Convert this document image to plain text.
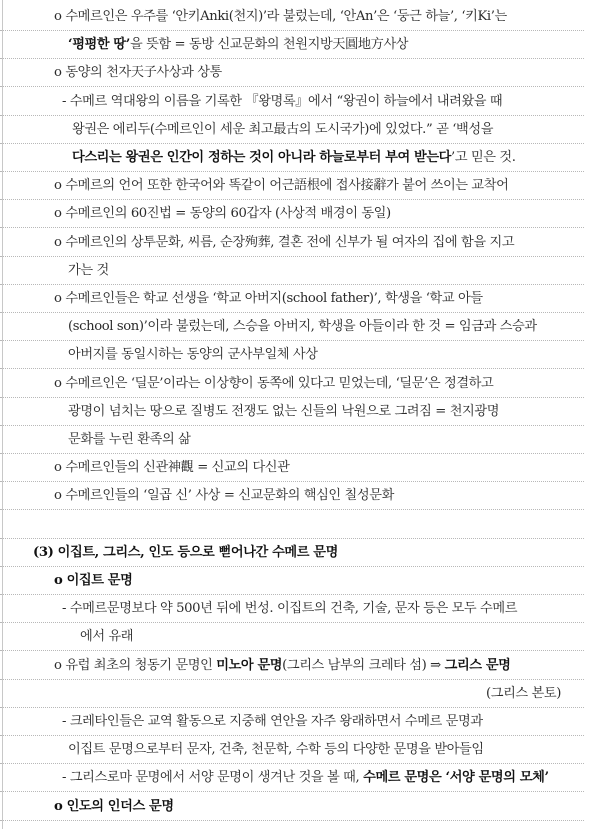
o 수메르인은 우주를 ‘안키Anki(천지)’라 불렀는데, ‘안An’은 ‘둥근 하늘’, ‘키Ki’는
‘평평한 땅’을 뜻함 = 동방 신교문화의 천원지방天圓地方사상
o 동양의 천자天子사상과 상통
- 수메르 역대왕의 이름을 기록한 『왕명록』에서 “왕권이 하늘에서 내려왔을 때
왕권은 에리두(수메르인이 세운 최고最古의 도시국가)에 있었다.” 곧 ‘백성을
다스리는 왕권은 인간이 정하는 것이 아니라 하늘로부터 부여 받는다’고 믿은 것.
o 수메르의 언어 또한 한국어와 똑같이 어근語根에 접사接辭가 붙어 쓰이는 교착어
o 수메르인의 60진법 = 동양의 60갑자 (사상적 배경이 동일)
o 수메르인의 상투문화, 씨름, 순장殉葬, 결혼 전에 신부가 될 여자의 집에 함을 지고
가는 것
o 수메르인들은 학교 선생을 ‘학교 아버지(school father)’, 학생을 ‘학교 아들
(school son)’이라 불렀는데, 스승을 아버지, 학생을 아들이라 한 것 = 임금과 스승과
아버지를 동일시하는 동양의 군사부일체 사상
o 수메르인은 ‘딜문’이라는 이상향이 동쪽에 있다고 믿었는데, ‘딜문’은 정결하고
광명이 넘치는 땅으로 질병도 전쟁도 없는 신들의 낙원으로 그려짐 = 천지광명
문화를 누린 환족의 삶
o 수메르인들의 신관神觀 = 신교의 다신관
o 수메르인들의 ‘일곱 신’ 사상 = 신교문화의 핵심인 칠성문화
(3) 이집트, 그리스, 인도 등으로 뻗어나간 수메르 문명
o 이집트 문명
- 수메르문명보다 약 500년 뒤에 번성. 이집트의 건축, 기술, 문자 등은 모두 수메르
에서 유래
o 유럽 최초의 청동기 문명인 미노아 문명(그리스 남부의 크레타 섬) ⇒ 그리스 문명
(그리스 본토)
- 크레타인들은 교역 활동으로 지중해 연안을 자주 왕래하면서 수메르 문명과
이집트 문명으로부터 문자, 건축, 천문학, 수학 등의 다양한 문명을 받아들임
- 그리스로마 문명에서 서양 문명이 생겨난 것을 볼 때, 수메르 문명은 ‘서양 문명의 모체’
o 인도의 인더스 문명
